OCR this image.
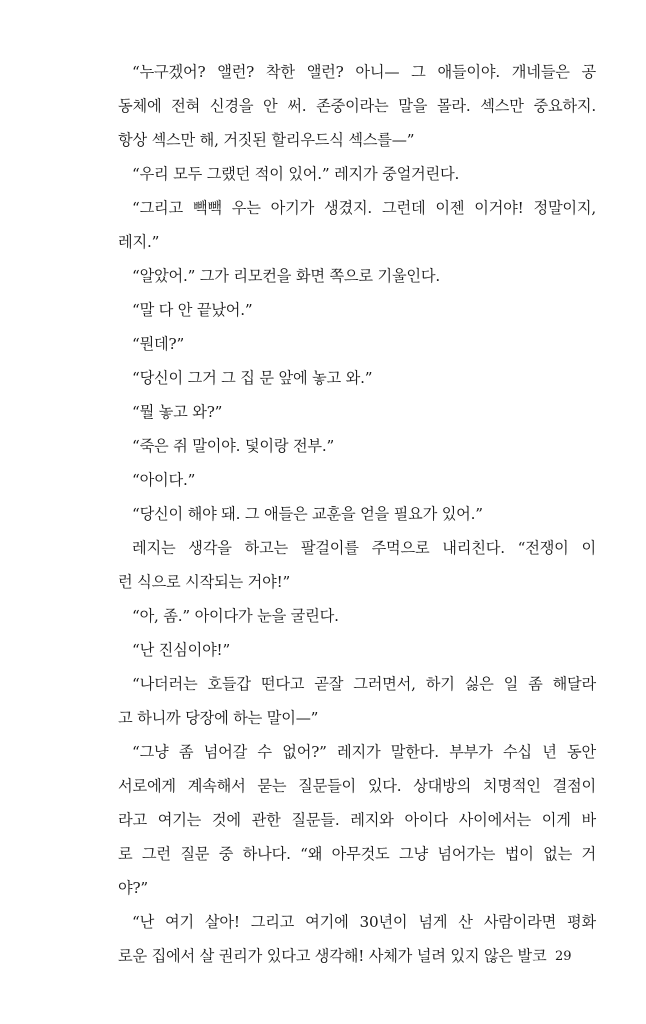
“누구겠어? 앨런? 착한 앨런? 아니— 그 애들이야. 개네들은 공
동체에 전혀 신경을 안 써. 존중이라는 말을 몰라. 섹스만 중요하지.
항상 섹스만 해, 거짓된 할리우드식 섹스를—”
“우리 모두 그랬던 적이 있어.” 레지가 중얼거린다.
“그리고 빽빽 우는 아기가 생겼지. 그런데 이젠 이거야! 정말이지,
레지.”
“알았어.” 그가 리모컨을 화면 쪽으로 기울인다.
“말 다 안 끝났어.”
“뭔데?”
“당신이 그거 그 집 문 앞에 놓고 와.”
“뭘 놓고 와?”
“죽은 쥐 말이야. 덫이랑 전부.”
“아이다.”
“당신이 해야 돼. 그 애들은 교훈을 얻을 필요가 있어.”
레지는 생각을 하고는 팔걸이를 주먹으로 내리친다. “전쟁이 이
런 식으로 시작되는 거야!”
“아, 좀.” 아이다가 눈을 굴린다.
“난 진심이야!”
“나더러는 호들갑 떤다고 곧잘 그러면서, 하기 싫은 일 좀 해달라
고 하니까 당장에 하는 말이—”
“그냥 좀 넘어갈 수 없어?” 레지가 말한다. 부부가 수십 년 동안
서로에게 계속해서 묻는 질문들이 있다. 상대방의 치명적인 결점이
라고 여기는 것에 관한 질문들. 레지와 아이다 사이에서는 이게 바
로 그런 질문 중 하나다. “왜 아무것도 그냥 넘어가는 법이 없는 거
야?”
“난 여기 살아! 그리고 여기에 30년이 넘게 산 사람이라면 평화
로운 집에서 살 권리가 있다고 생각해! 사체가 널려 있지 않은 발코 29
